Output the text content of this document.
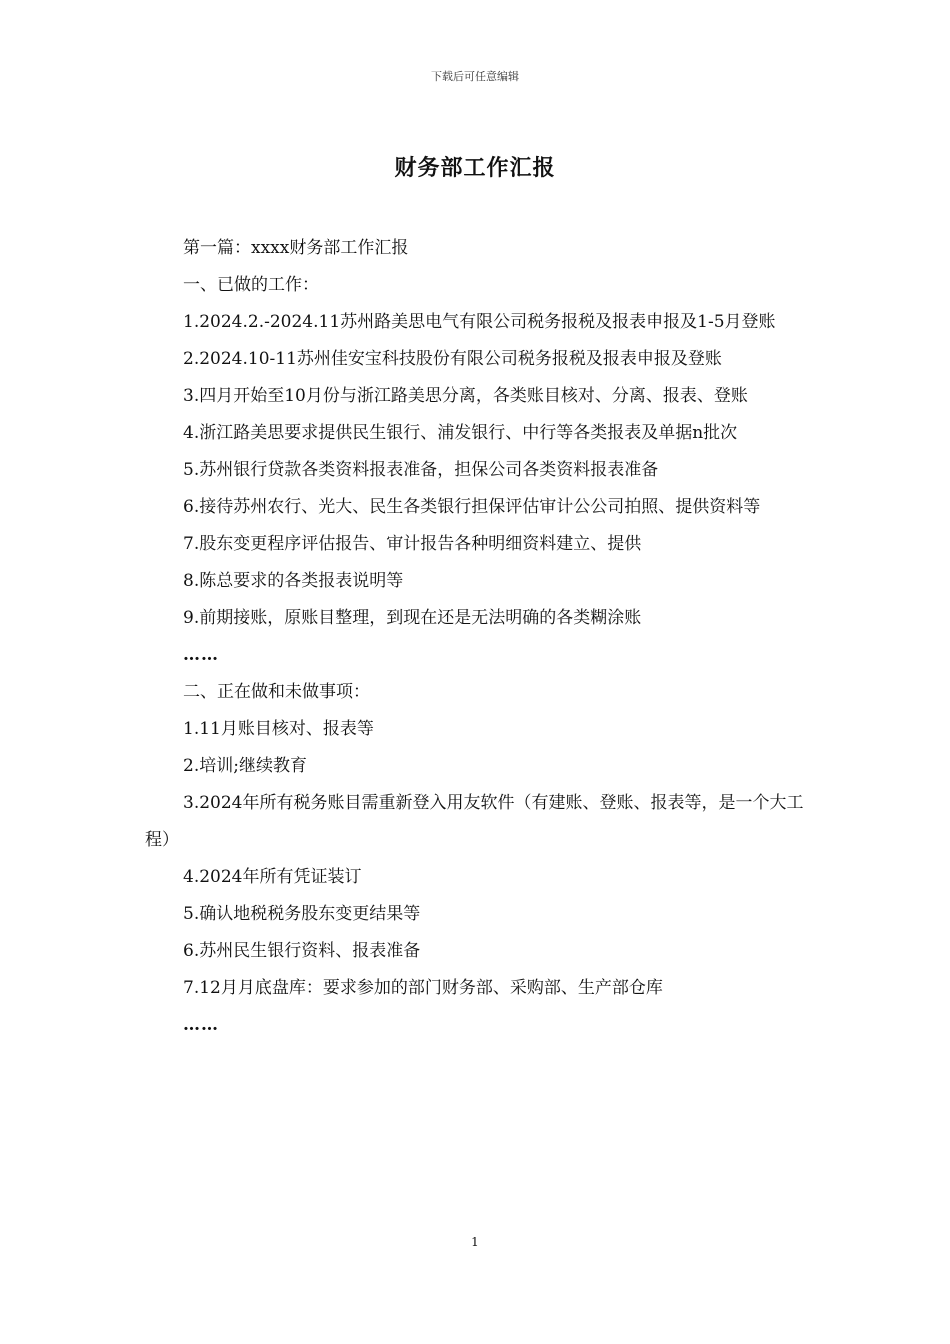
下载后可任意编辑
财务部工作汇报

第一篇：xxxx财务部工作汇报

一、已做的工作：

1.2024.2.-2024.11苏州路美思电气有限公司税务报税及报表申报及1-5月登账

2.2024.10-11苏州佳安宝科技股份有限公司税务报税及报表申报及登账

3.四月开始至10月份与浙江路美思分离，各类账目核对、分离、报表、登账

4.浙江路美思要求提供民生银行、浦发银行、中行等各类报表及单据n批次

5.苏州银行贷款各类资料报表准备，担保公司各类资料报表准备

6.接待苏州农行、光大、民生各类银行担保评估审计公公司拍照、提供资料等

7.股东变更程序评估报告、审计报告各种明细资料建立、提供

8.陈总要求的各类报表说明等

9.前期接账，原账目整理，到现在还是无法明确的各类糊涂账

……

二、正在做和未做事项：

1.11月账目核对、报表等

2.培训;继续教育

3.2024年所有税务账目需重新登入用友软件（有建账、登账、报表等，是一个大工程）

4.2024年所有凭证装订

5.确认地税税务股东变更结果等

6.苏州民生银行资料、报表准备

7.12月月底盘库：要求参加的部门财务部、采购部、生产部仓库

……

1
